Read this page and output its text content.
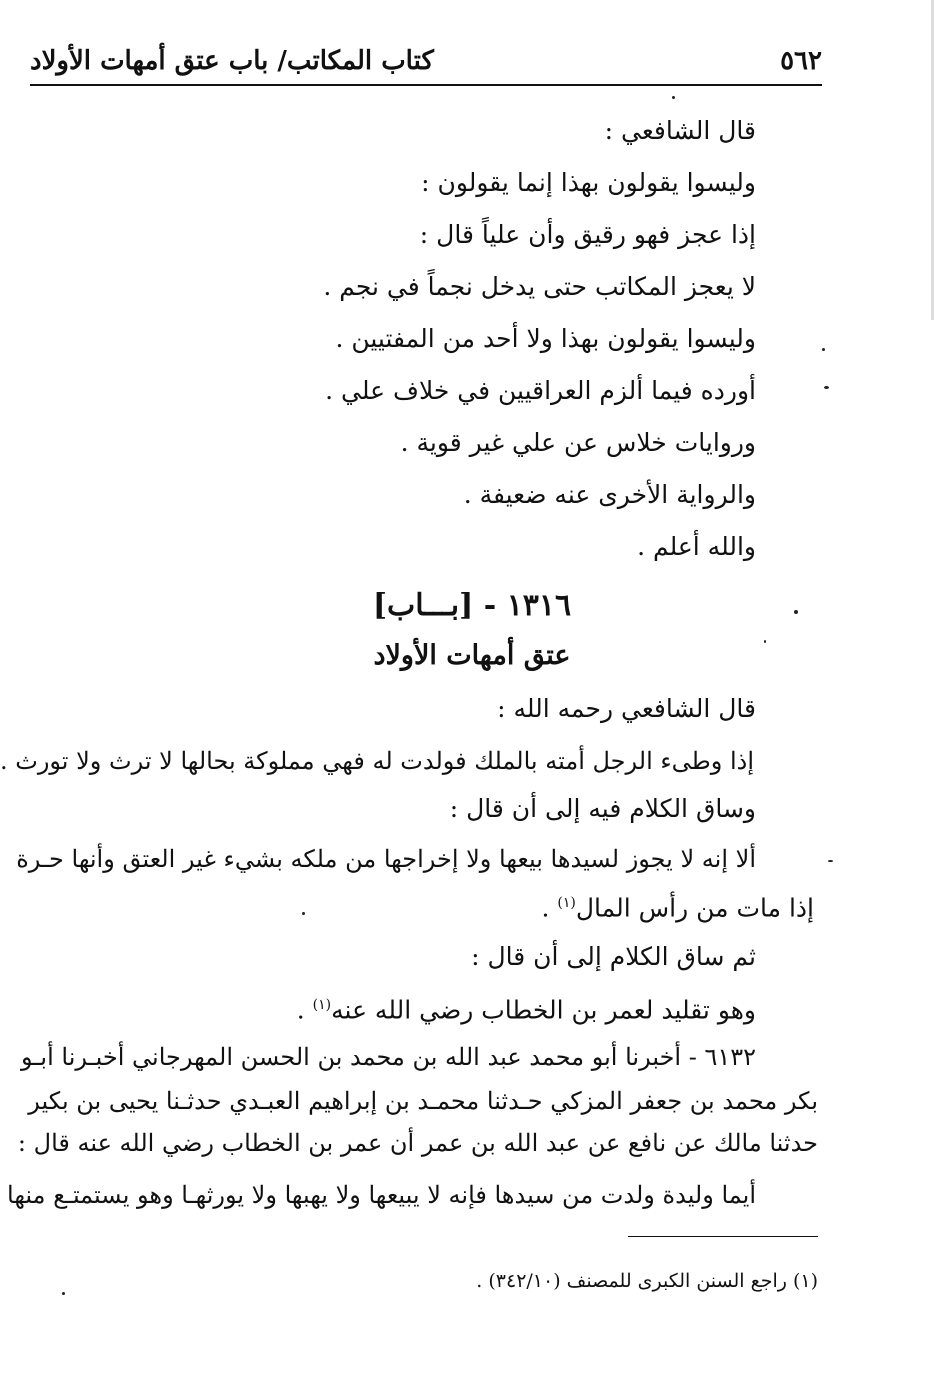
٥٦٢
كتاب المكاتب/ باب عتق أمهات الأولاد
قال الشافعي :
وليسوا يقولون بهذا إنما يقولون :
إذا عجز فهو رقيق وأن علياً قال :
لا يعجز المكاتب حتى يدخل نجماً في نجم .
وليسوا يقولون بهذا ولا أحد من المفتيين .
أورده فيما ألزم العراقيين في خلاف علي .
وروايات خلاس عن علي غير قوية .
والرواية الأخرى عنه ضعيفة .
والله أعلم .
١٣١٦ - [بـــاب]
عتق أمهات الأولاد
قال الشافعي رحمه الله :
إذا وطىء الرجل أمته بالملك فولدت له فهي مملوكة بحالها لا ترث ولا تورث .
وساق الكلام فيه إلى أن قال :
ألا إنه لا يجوز لسيدها بيعها ولا إخراجها من ملكه بشيء غير العتق وأنها حـرة
إذا مات من رأس المال$^{(١)}$ .
ثم ساق الكلام إلى أن قال :
وهو تقليد لعمر بن الخطاب رضي الله عنه$^{(١)}$ .
٦١٣٢ - أخبرنا أبو محمد عبد الله بن محمد بن الحسن المهرجاني أخبـرنا أبـو
بكر محمد بن جعفر المزكي حـدثنا محمـد بن إبراهيم العبـدي حدثـنا يحيى بن بكير
حدثنا مالك عن نافع عن عبد الله بن عمر أن عمر بن الخطاب رضي الله عنه قال :
أيما وليدة ولدت من سيدها فإنه لا يبيعها ولا يهبها ولا يورثهـا وهو يستمتـع منها
(١) راجع السنن الكبرى للمصنف (٣٤٢/١٠) .
